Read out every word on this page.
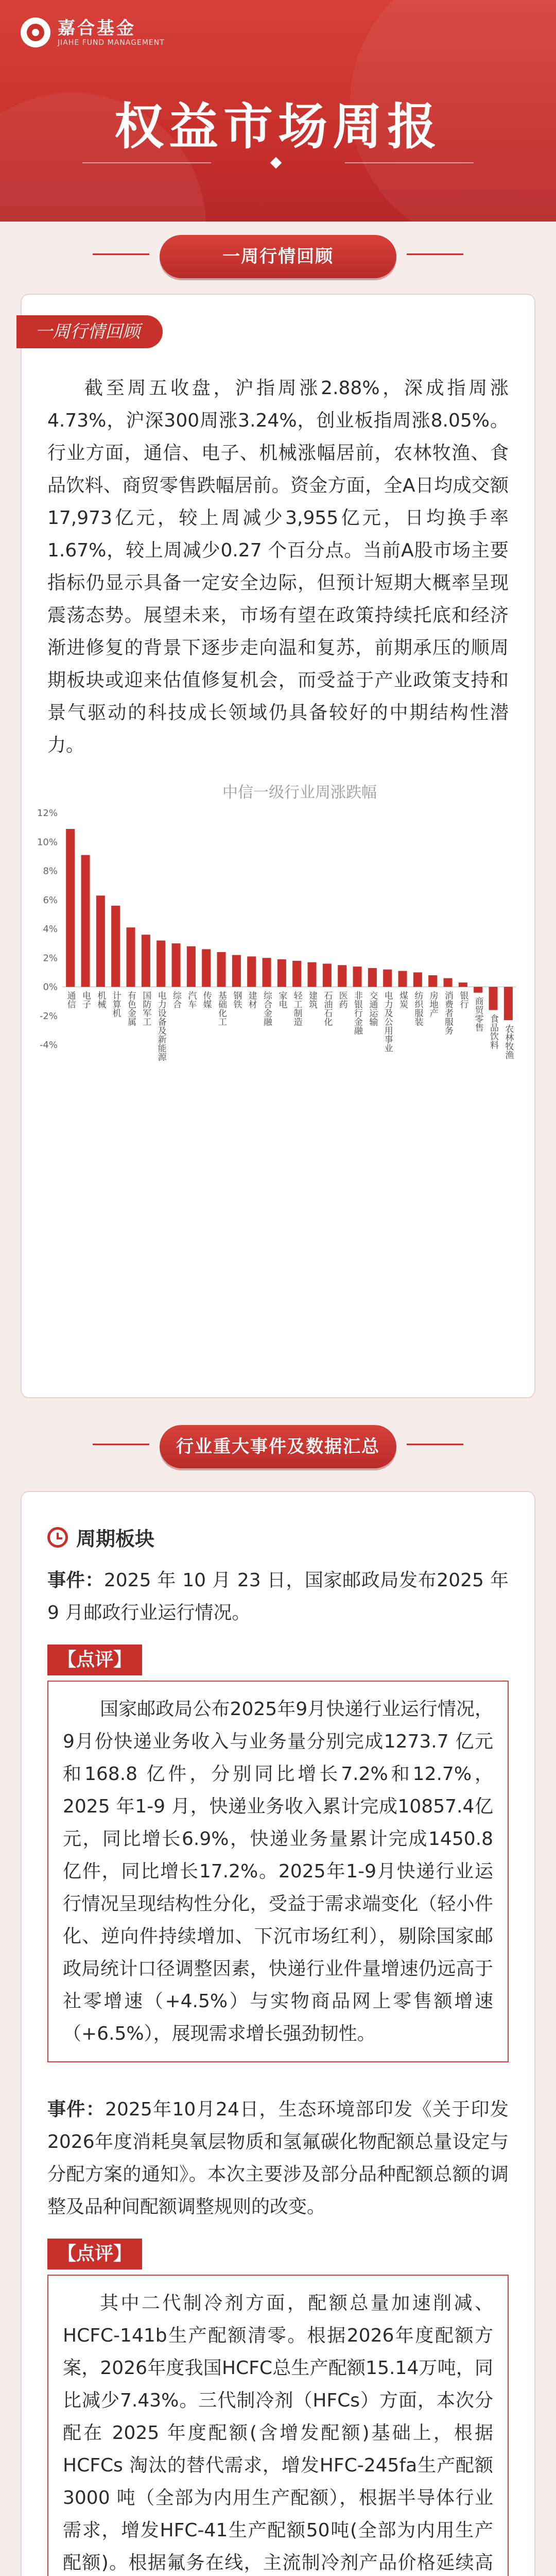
嘉合基金
JIAHE FUND MANAGEMENT
权益市场周报
一周行情回顾
一周行情回顾

截至周五收盘，沪指周涨2.88%，深成指周涨4.73%，沪深300周涨3.24%，创业板指周涨8.05%。行业方面，通信、电子、机械涨幅居前，农林牧渔、食品饮料、商贸零售跌幅居前。资金方面，全A日均成交额17,973亿元，较上周减少3,955亿元，日均换手率1.67%，较上周减少0.27 个百分点。当前A股市场主要指标仍显示具备一定安全边际，但预计短期大概率呈现震荡态势。展望未来，市场有望在政策持续托底和经济渐进修复的背景下逐步走向温和复苏，前期承压的顺周期板块或迎来估值修复机会，而受益于产业政策支持和景气驱动的科技成长领域仍具备较好的中期结构性潜力。

中信一级行业周涨跌幅
12%
10%
8%
6%
4%
2%
0%
-2%
-4%
通信 电子 机械 计算机 有色金属 国防军工 电力设备及新能源 综合 汽车 传媒 基础化工 钢铁 建材 综合金融 家电 轻工制造 建筑 石油石化 医药 非银行金融 交通运输 电力及公用事业 煤炭 纺织服装 房地产 消费者服务 银行 商贸零售 食品饮料 农林牧渔
行业重大事件及数据汇总
周期板块

事件：2025 年 10 月 23 日，国家邮政局发布2025 年9 月邮政行业运行情况。

【点评】

国家邮政局公布2025年9月快递行业运行情况，9月份快递业务收入与业务量分别完成1273.7 亿元和168.8 亿件，分别同比增长7.2%和12.7%，2025 年1-9 月，快递业务收入累计完成10857.4亿元，同比增长6.9%，快递业务量累计完成1450.8 亿件，同比增长17.2%。2025年1-9月快递行业运行情况呈现结构性分化，受益于需求端变化（轻小件化、逆向件持续增加、下沉市场红利），剔除国家邮政局统计口径调整因素，快递行业件量增速仍远高于社零增速（+4.5%）与实物商品网上零售额增速（+6.5%），展现需求增长强劲韧性。

事件：2025年10月24日，生态环境部印发《关于印发2026年度消耗臭氧层物质和氢氟碳化物配额总量设定与分配方案的通知》。本次主要涉及部分品种配额总额的调整及品种间配额调整规则的改变。

【点评】

其中二代制冷剂方面，配额总量加速削减、HCFC-141b生产配额清零。根据2026年度配额方案，2026年度我国HCFC总生产配额15.14万吨，同比减少7.43%。三代制冷剂（HFCs）方面，本次分配在 2025 年度配额(含增发配额)基础上，根据HCFCs 淘汰的替代需求，增发HFC-245fa生产配额3000 吨（全部为内用生产配额），根据半导体行业需求，增发HFC-41生产配额50吨(全部为内用生产配额)。根据氟务在线，主流制冷剂产品价格延续高
